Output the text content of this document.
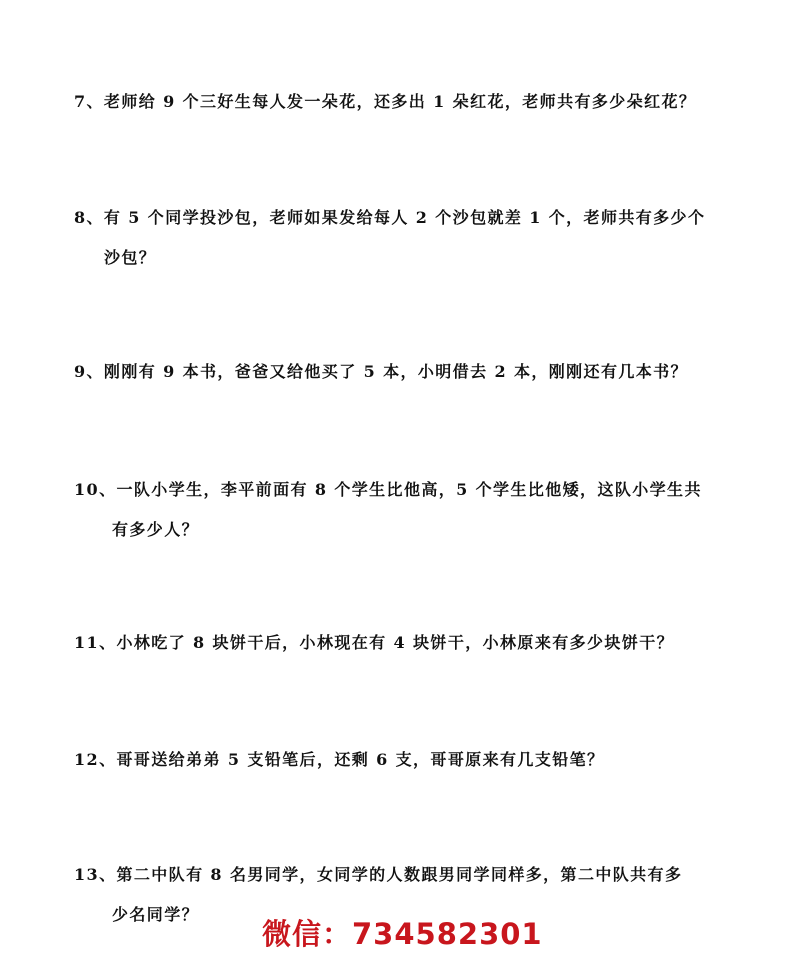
7、老师给 9 个三好生每人发一朵花，还多出 1 朵红花，老师共有多少朵红花？
8、有 5 个同学投沙包，老师如果发给每人 2 个沙包就差 1 个，老师共有多少个
沙包？
9、刚刚有 9 本书，爸爸又给他买了 5 本，小明借去 2 本，刚刚还有几本书？
10、一队小学生，李平前面有 8 个学生比他高，5 个学生比他矮，这队小学生共
有多少人？
11、小林吃了 8 块饼干后，小林现在有 4 块饼干，小林原来有多少块饼干？
12、哥哥送给弟弟 5 支铅笔后，还剩 6 支，哥哥原来有几支铅笔？
13、第二中队有 8 名男同学，女同学的人数跟男同学同样多，第二中队共有多
少名同学？
微信：734582301
